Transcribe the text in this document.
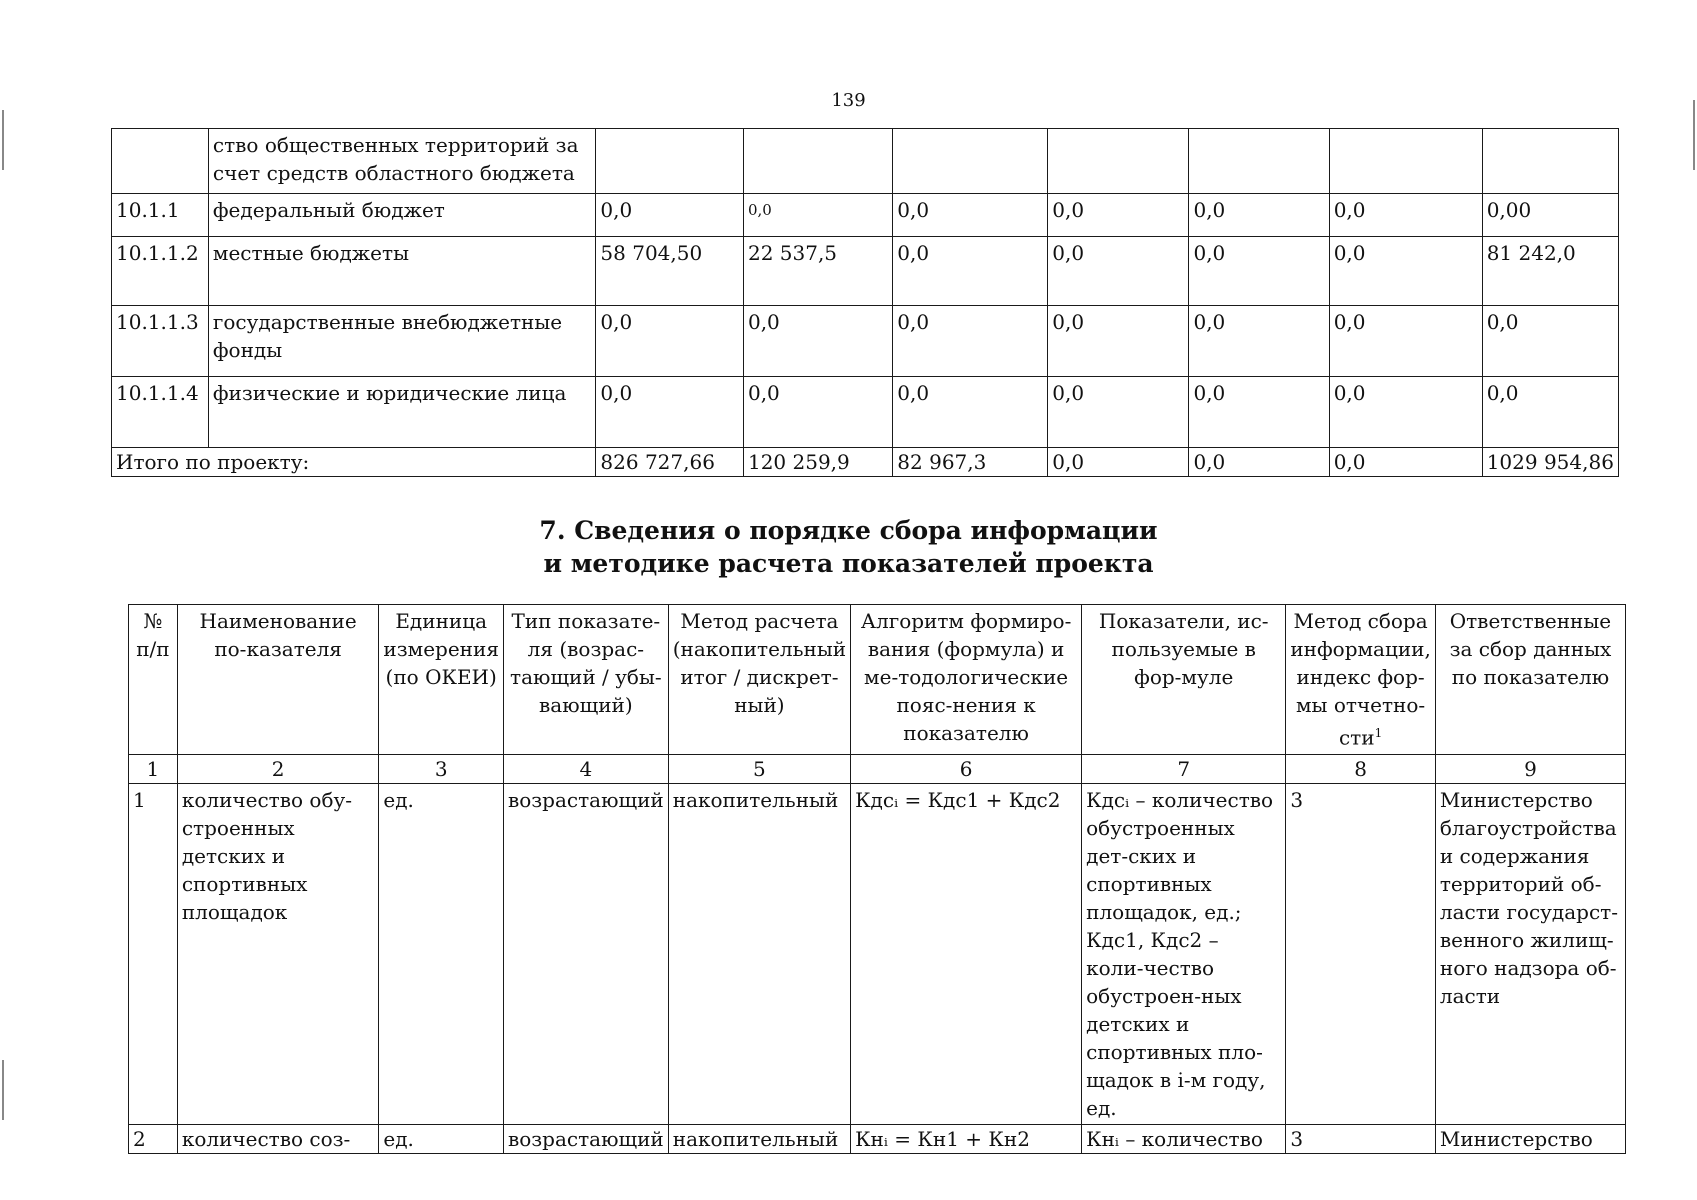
139
	ство общественных территорий за счет средств областного бюджета							
10.1.1	федеральный бюджет	0,0	0,0	0,0	0,0	0,0	0,0	0,00
10.1.1.2	местные бюджеты	58 704,50	22 537,5	0,0	0,0	0,0	0,0	81 242,0
10.1.1.3	государственные внебюджетные фонды	0,0	0,0	0,0	0,0	0,0	0,0	0,0
10.1.1.4	физические и юридические лица	0,0	0,0	0,0	0,0	0,0	0,0	0,0
Итого по проекту:		826 727,66	120 259,9	82 967,3	0,0	0,0	0,0	1029 954,86
7. Сведения о порядке сбора информации
и методике расчета показателей проекта
№ п/п	Наименование по-казателя	Единица измерения (по ОКЕИ)	Тип показате-ля (возрас-тающий / убы-вающий)	Метод расчета (накопительный итог / дискрет-ный)	Алгоритм формиро-вания (формула) и ме-тодологические пояс-нения к показателю	Показатели, ис-пользуемые в фор-муле	Метод сбора информации, индекс фор-мы отчетно-сти$^1$	Ответственные за сбор данных по показателю
1	2	3	4	5	6	7	8	9
1	количество обу-строенных детских и спортивных площадок	ед.	возрастающий	накопительный	Кдсᵢ = Кдс1 + Кдс2	Кдсᵢ – количество обустроенных дет-ских и спортивных площадок, ед.; Кдс1, Кдс2 – коли-чество обустроен-ных детских и спортивных пло-щадок в i-м году, ед.	3	Министерство благоустройства и содержания территорий об-ласти государст-венного жилищ-ного надзора об-ласти
2	количество соз-	ед.	возрастающий	накопительный	Кнᵢ = Кн1 + Кн2	Кнᵢ – количество	3	Министерство
